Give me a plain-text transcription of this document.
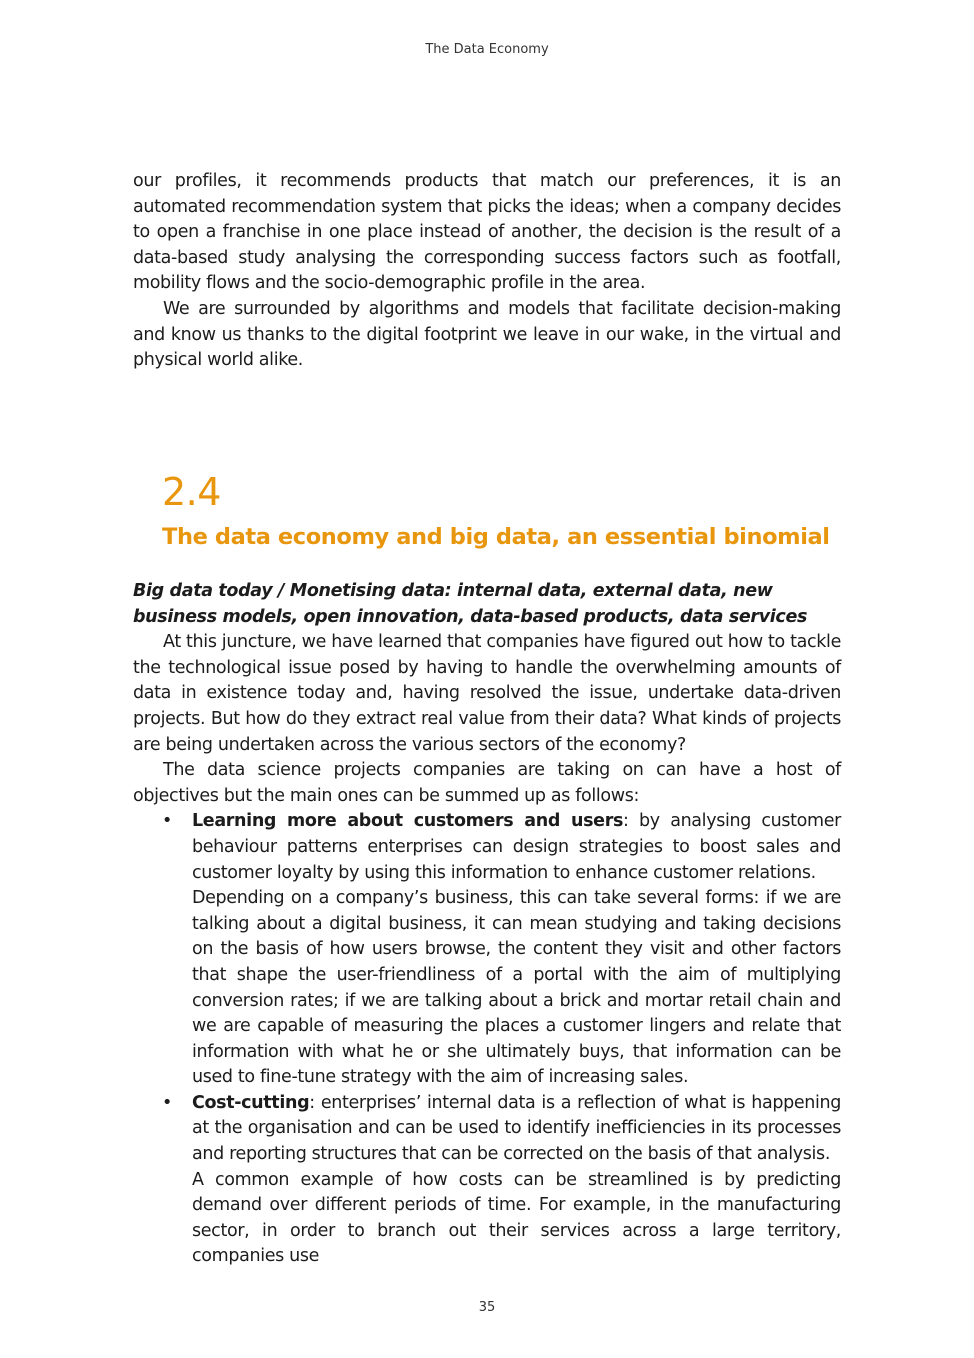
The Data Economy

our profiles, it recommends products that match our preferences, it is an automated recommendation system that picks the ideas; when a company decides to open a franchise in one place instead of another, the decision is the result of a data-based study analysing the corresponding success factors such as footfall, mobility flows and the socio-demographic profile in the area.

We are surrounded by algorithms and models that facilitate decision-making and know us thanks to the digital footprint we leave in our wake, in the virtual and physical world alike.

2.4
The data economy and big data, an essential binomial

Big data today / Monetising data: internal data, external data, new business models, open innovation, data-based products, data services

At this juncture, we have learned that companies have figured out how to tackle the technological issue posed by having to handle the overwhelming amounts of data in existence today and, having resolved the issue, undertake data-driven projects. But how do they extract real value from their data? What kinds of projects are being undertaken across the various sectors of the economy?

The data science projects companies are taking on can have a host of objectives but the main ones can be summed up as follows:

• Learning more about customers and users: by analysing customer behaviour patterns enterprises can design strategies to boost sales and customer loyalty by using this information to enhance customer relations.

Depending on a company’s business, this can take several forms: if we are talking about a digital business, it can mean studying and taking decisions on the basis of how users browse, the content they visit and other factors that shape the user-friendliness of a portal with the aim of multiplying conversion rates; if we are talking about a brick and mortar retail chain and we are capable of measuring the places a customer lingers and relate that information with what he or she ultimately buys, that information can be used to fine-tune strategy with the aim of increasing sales.

• Cost-cutting: enterprises’ internal data is a reflection of what is happening at the organisation and can be used to identify inefficiencies in its processes and reporting structures that can be corrected on the basis of that analysis.

A common example of how costs can be streamlined is by predicting demand over different periods of time. For example, in the manufacturing sector, in order to branch out their services across a large territory, companies use

35
